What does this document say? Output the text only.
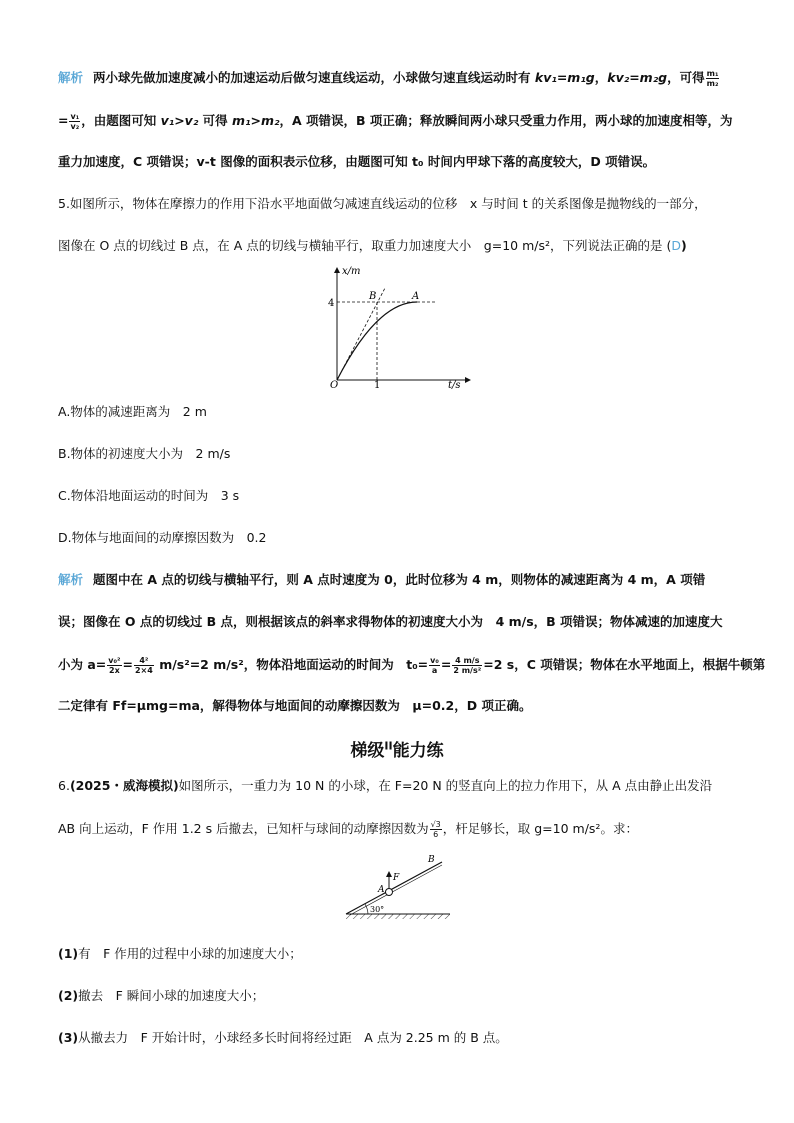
解析 两小球先做加速度减小的加速运动后做匀速直线运动，小球做匀速直线运动时有 kv₁=m₁g，kv₂=m₂g，可得 $\frac{\text{m₁}}{\text{m₂}}$
= $\frac{\text{v₁}}{\text{v₂}}$ ，由题图可知 v₁>v₂ 可得 m₁>m₂，A 项错误，B 项正确；释放瞬间两小球只受重力作用，两小球的加速度相等，为
重力加速度，C 项错误；v-t 图像的面积表示位移，由题图可知 t₀ 时间内甲球下落的高度较大，D 项错误。
5.如图所示，物体在摩擦力的作用下沿水平地面做匀减速直线运动的位移　x 与时间 t 的关系图像是抛物线的一部分，
图像在 O 点的切线过 B 点，在 A 点的切线与横轴平行，取重力加速度大小　g=10 m/s²，下列说法正确的是 (D)
x/m
t/s
O
4
1
B	A
A.物体的减速距离为　2 m
B.物体的初速度大小为　2 m/s
C.物体沿地面运动的时间为　3 s
D.物体与地面间的动摩擦因数为　0.2
解析 题图中在 A 点的切线与横轴平行，则 A 点时速度为 0，此时位移为 4 m，则物体的减速距离为 4 m，A 项错
误；图像在 O 点的切线过 B 点，则根据该点的斜率求得物体的初速度大小为　4 m/s，B 项错误；物体减速的加速度大
小为 $a= \frac{\text{v₀²}}{2x} = \frac{\text{4²}}{2\times 4} m/s^2=2$ m/s²，物体沿地面运动的时间为　$t_0= \frac{\text{v₀}}{a} = \frac{4 m/s}{\text{2 m/s²}} =2$ s，C 项错误；物体在水平地面上，根据牛顿第
二定律有 Ff=μmg=ma，解得物体与地面间的动摩擦因数为　μ=0.2，D 项正确。
梯级$^{II}$能力练
6.(2025・威海模拟)如图所示，一重力为 10 N 的小球，在 F=20 N 的竖直向上的拉力作用下，从 A 点由静止出发沿
AB 向上运动，F 作用 1.2 s 后撤去，已知杆与球间的动摩擦因数为 $\frac{√3}{6}$ ，杆足够长，取 g=10 m/s²。求：
F
A
B
30°
(1)有　F 作用的过程中小球的加速度大小；
(2)撤去　F 瞬间小球的加速度大小；
(3)从撤去力　F 开始计时，小球经多长时间将经过距　A 点为 2.25 m 的 B 点。
